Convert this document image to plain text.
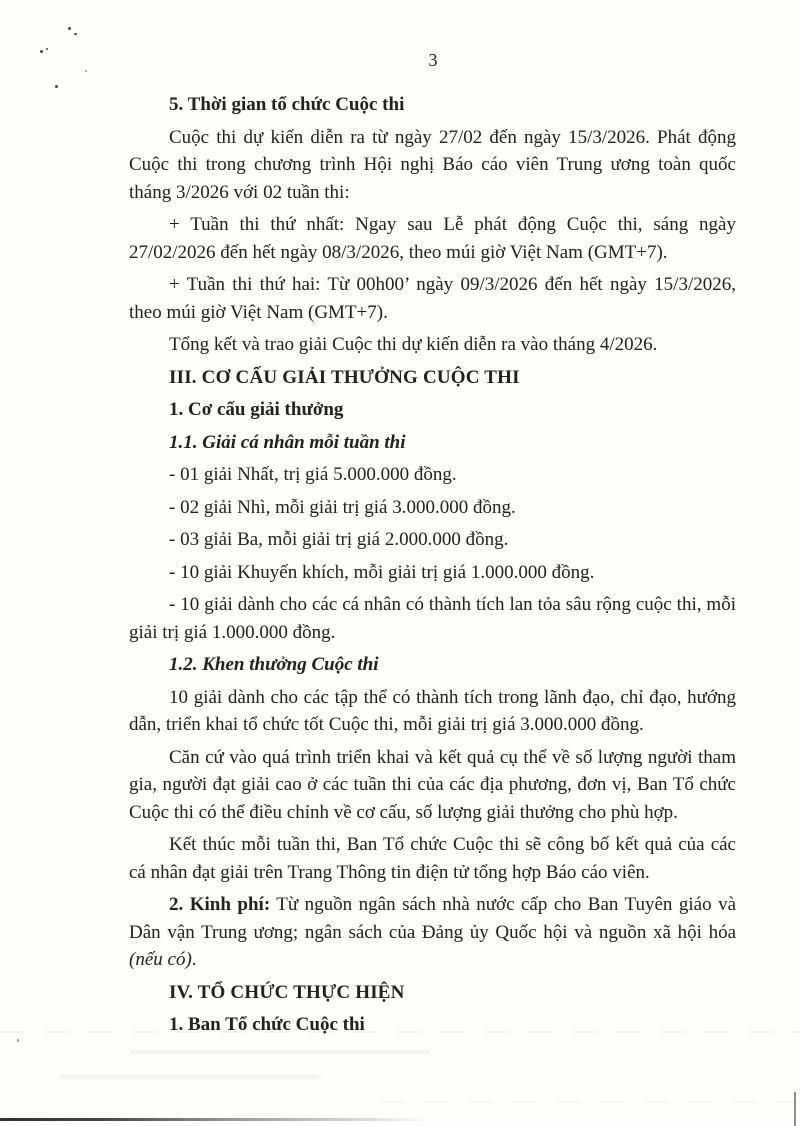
3

5. Thời gian tổ chức Cuộc thi

Cuộc thi dự kiến diễn ra từ ngày 27/02 đến ngày 15/3/2026. Phát động Cuộc thi trong chương trình Hội nghị Báo cáo viên Trung ương toàn quốc tháng 3/2026 với 02 tuần thi:

+ Tuần thi thứ nhất: Ngay sau Lễ phát động Cuộc thi, sáng ngày 27/02/2026 đến hết ngày 08/3/2026, theo múi giờ Việt Nam (GMT+7).

+ Tuần thi thứ hai: Từ 00h00’ ngày 09/3/2026 đến hết ngày 15/3/2026, theo múi giờ Việt Nam (GMT+7).

Tổng kết và trao giải Cuộc thi dự kiến diễn ra vào tháng 4/2026.

III. CƠ CẤU GIẢI THƯỞNG CUỘC THI

1. Cơ cấu giải thưởng

1.1. Giải cá nhân mỗi tuần thi

- 01 giải Nhất, trị giá 5.000.000 đồng.

- 02 giải Nhì, mỗi giải trị giá 3.000.000 đồng.

- 03 giải Ba, mỗi giải trị giá 2.000.000 đồng.

- 10 giải Khuyến khích, mỗi giải trị giá 1.000.000 đồng.

- 10 giải dành cho các cá nhân có thành tích lan tỏa sâu rộng cuộc thi, mỗi giải trị giá 1.000.000 đồng.

1.2. Khen thưởng Cuộc thi

10 giải dành cho các tập thể có thành tích trong lãnh đạo, chỉ đạo, hướng dẫn, triển khai tổ chức tốt Cuộc thi, mỗi giải trị giá 3.000.000 đồng.

Căn cứ vào quá trình triển khai và kết quả cụ thể về số lượng người tham gia, người đạt giải cao ở các tuần thi của các địa phương, đơn vị, Ban Tổ chức Cuộc thi có thể điều chỉnh về cơ cấu, số lượng giải thưởng cho phù hợp.

Kết thúc mỗi tuần thi, Ban Tổ chức Cuộc thi sẽ công bố kết quả của các cá nhân đạt giải trên Trang Thông tin điện tử tổng hợp Báo cáo viên.

2. Kinh phí: Từ nguồn ngân sách nhà nước cấp cho Ban Tuyên giáo và Dân vận Trung ương; ngân sách của Đảng ủy Quốc hội và nguồn xã hội hóa (nếu có).

IV. TỔ CHỨC THỰC HIỆN

1. Ban Tổ chức Cuộc thi
